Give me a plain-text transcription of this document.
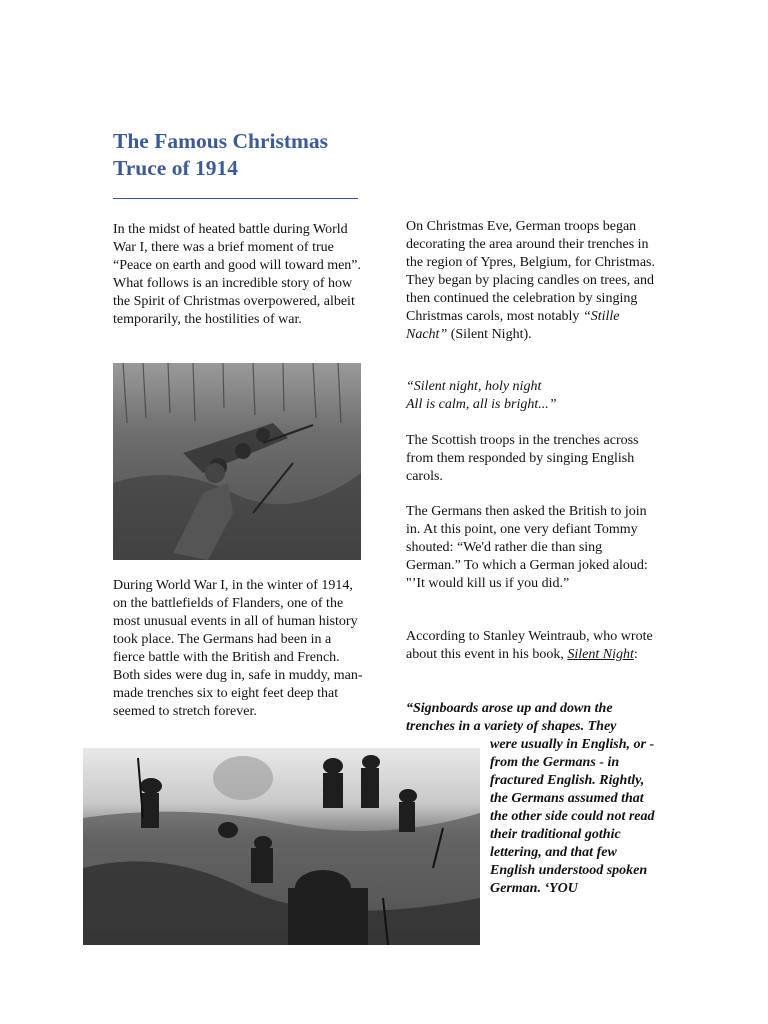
The Famous Christmas
Truce of 1914

In the midst of heated battle during World War I, there was a brief moment of true “Peace on earth and good will toward men”. What follows is an incredible story of how the Spirit of Christmas overpowered, albeit temporarily, the hostilities of war.

During World War I, in the winter of 1914, on the battlefields of Flanders, one of the most unusual events in all of human history took place. The Germans had been in a fierce battle with the British and French. Both sides were dug in, safe in muddy, man-made trenches six to eight feet deep that seemed to stretch forever.

On Christmas Eve, German troops began decorating the area around their trenches in the region of Ypres, Belgium, for Christmas. They began by placing candles on trees, and then continued the celebration by singing Christmas carols, most notably “Stille Nacht” (Silent Night).

“Silent night, holy night
All is calm, all is bright...”

The Scottish troops in the trenches across from them responded by singing English carols.

The Germans then asked the British to join in. At this point, one very defiant Tommy shouted: “We'd rather die than sing German.” To which a German joked aloud: "’It would kill us if you did.”

According to Stanley Weintraub, who wrote about this event in his book, Silent Night:

“Signboards arose up and down the trenches in a variety of shapes. They

were usually in English, or - from the Germans - in fractured English. Rightly, the Germans assumed that the other side could not read their traditional gothic lettering, and that few English understood spoken German. ‘YOU
